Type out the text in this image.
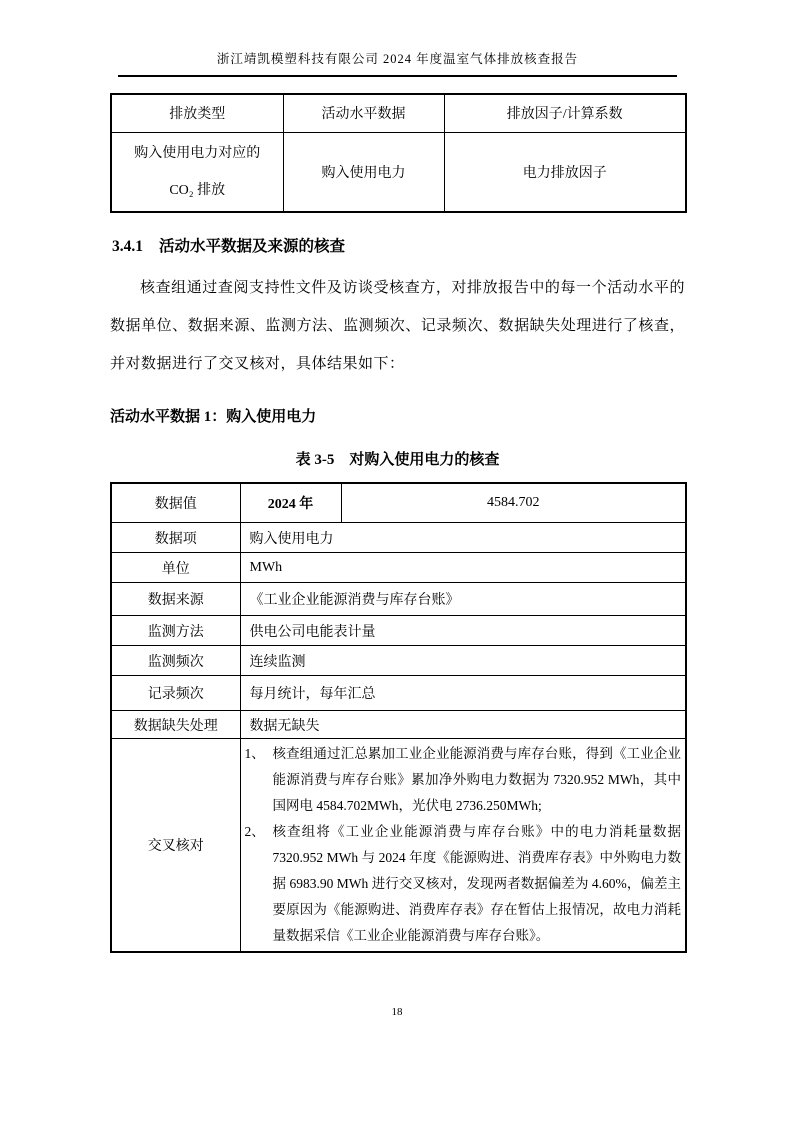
浙江靖凯模塑科技有限公司 2024 年度温室气体排放核查报告
排放类型	活动水平数据	排放因子/计算系数

购入使用电力对应的
CO₂ 排放	购入使用电力	电力排放因子
3.4.1 活动水平数据及来源的核查

核查组通过查阅支持性文件及访谈受核查方，对排放报告中的每一个活动水平的数据单位、数据来源、监测方法、监测频次、记录频次、数据缺失处理进行了核查，并对数据进行了交叉核对，具体结果如下：

活动水平数据 1：购入使用电力
表 3-5　对购入使用电力的核查
数据值	2024 年	4584.702
数据项	购入使用电力	
单位	MWh	
数据来源	《工业企业能源消费与库存台账》	
监测方法	供电公司电能表计量	
监测频次	连续监测	
记录频次	每月统计，每年汇总	
数据缺失处理	数据无缺失	
交叉核对	1、 核查组通过汇总累加工业企业能源消费与库存台账，得到《工业企业能源消费与库存台账》累加净外购电力数据为 7320.952 MWh，其中国网电 4584.702MWh，光伏电 2736.250MWh;
2、 核查组将《工业企业能源消费与库存台账》中的电力消耗量数据 7320.952 MWh 与 2024 年度《能源购进、消费库存表》中外购电力数据 6983.90 MWh 进行交叉核对，发现两者数据偏差为 4.60%，偏差主要原因为《能源购进、消费库存表》存在暂估上报情况，故电力消耗量数据采信《工业企业能源消费与库存台账》。	
18
